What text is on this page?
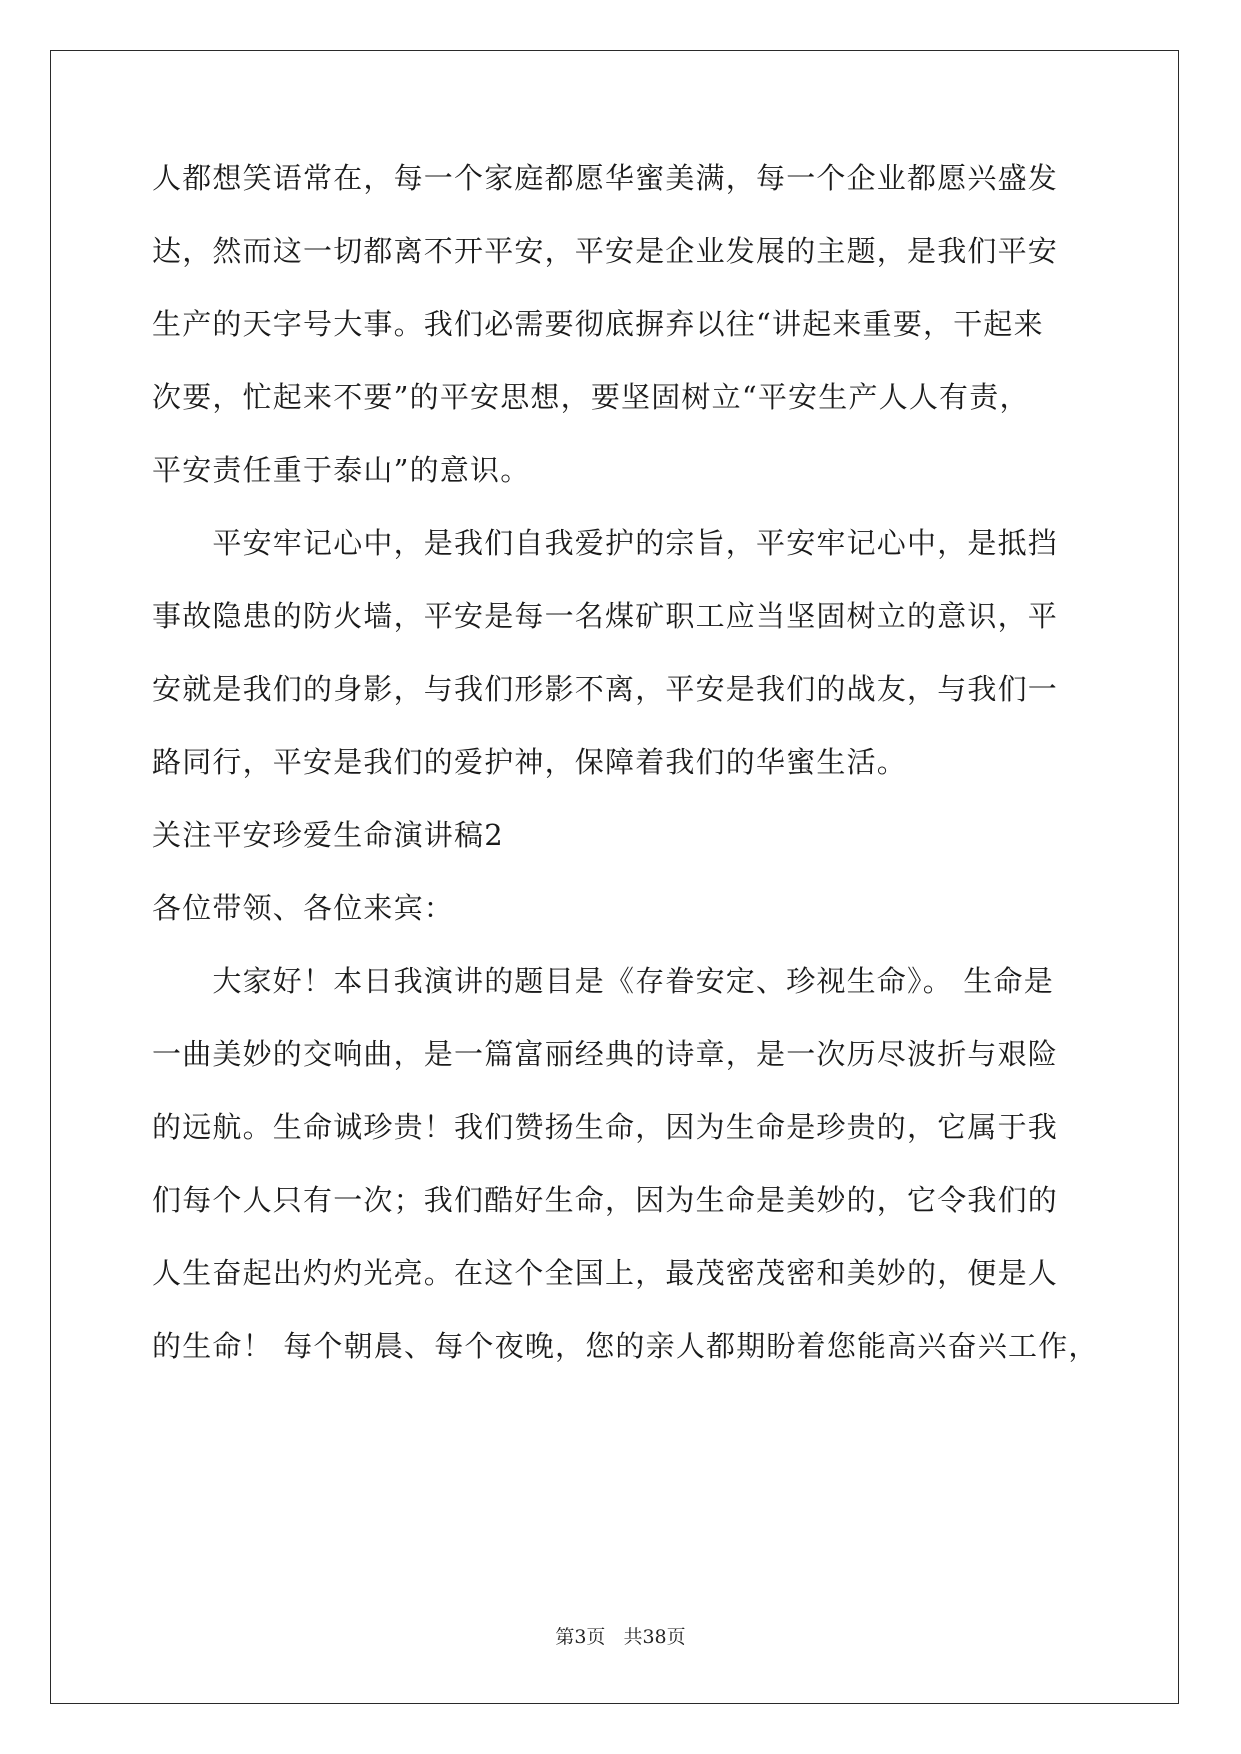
人都想笑语常在，每一个家庭都愿华蜜美满，每一个企业都愿兴盛发
达，然而这一切都离不开平安，平安是企业发展的主题，是我们平安
生产的天字号大事。我们必需要彻底摒弃以往“讲起来重要，干起来
次要，忙起来不要”的平安思想，要坚固树立“平安生产人人有责，
平安责任重于泰山”的意识。
　　平安牢记心中，是我们自我爱护的宗旨，平安牢记心中，是抵挡
事故隐患的防火墙，平安是每一名煤矿职工应当坚固树立的意识，平
安就是我们的身影，与我们形影不离，平安是我们的战友，与我们一
路同行，平安是我们的爱护神，保障着我们的华蜜生活。
关注平安珍爱生命演讲稿2
各位带领、各位来宾：
　　大家好！本日我演讲的题目是《存眷安定、珍视生命》。 生命是
一曲美妙的交响曲，是一篇富丽经典的诗章，是一次历尽波折与艰险
的远航。生命诚珍贵！我们赞扬生命，因为生命是珍贵的，它属于我
们每个人只有一次；我们酷好生命，因为生命是美妙的，它令我们的
人生奋起出灼灼光亮。在这个全国上，最茂密茂密和美妙的，便是人
的生命！ 每个朝晨、每个夜晚，您的亲人都期盼着您能高兴奋兴工作，
第3页 共38页
